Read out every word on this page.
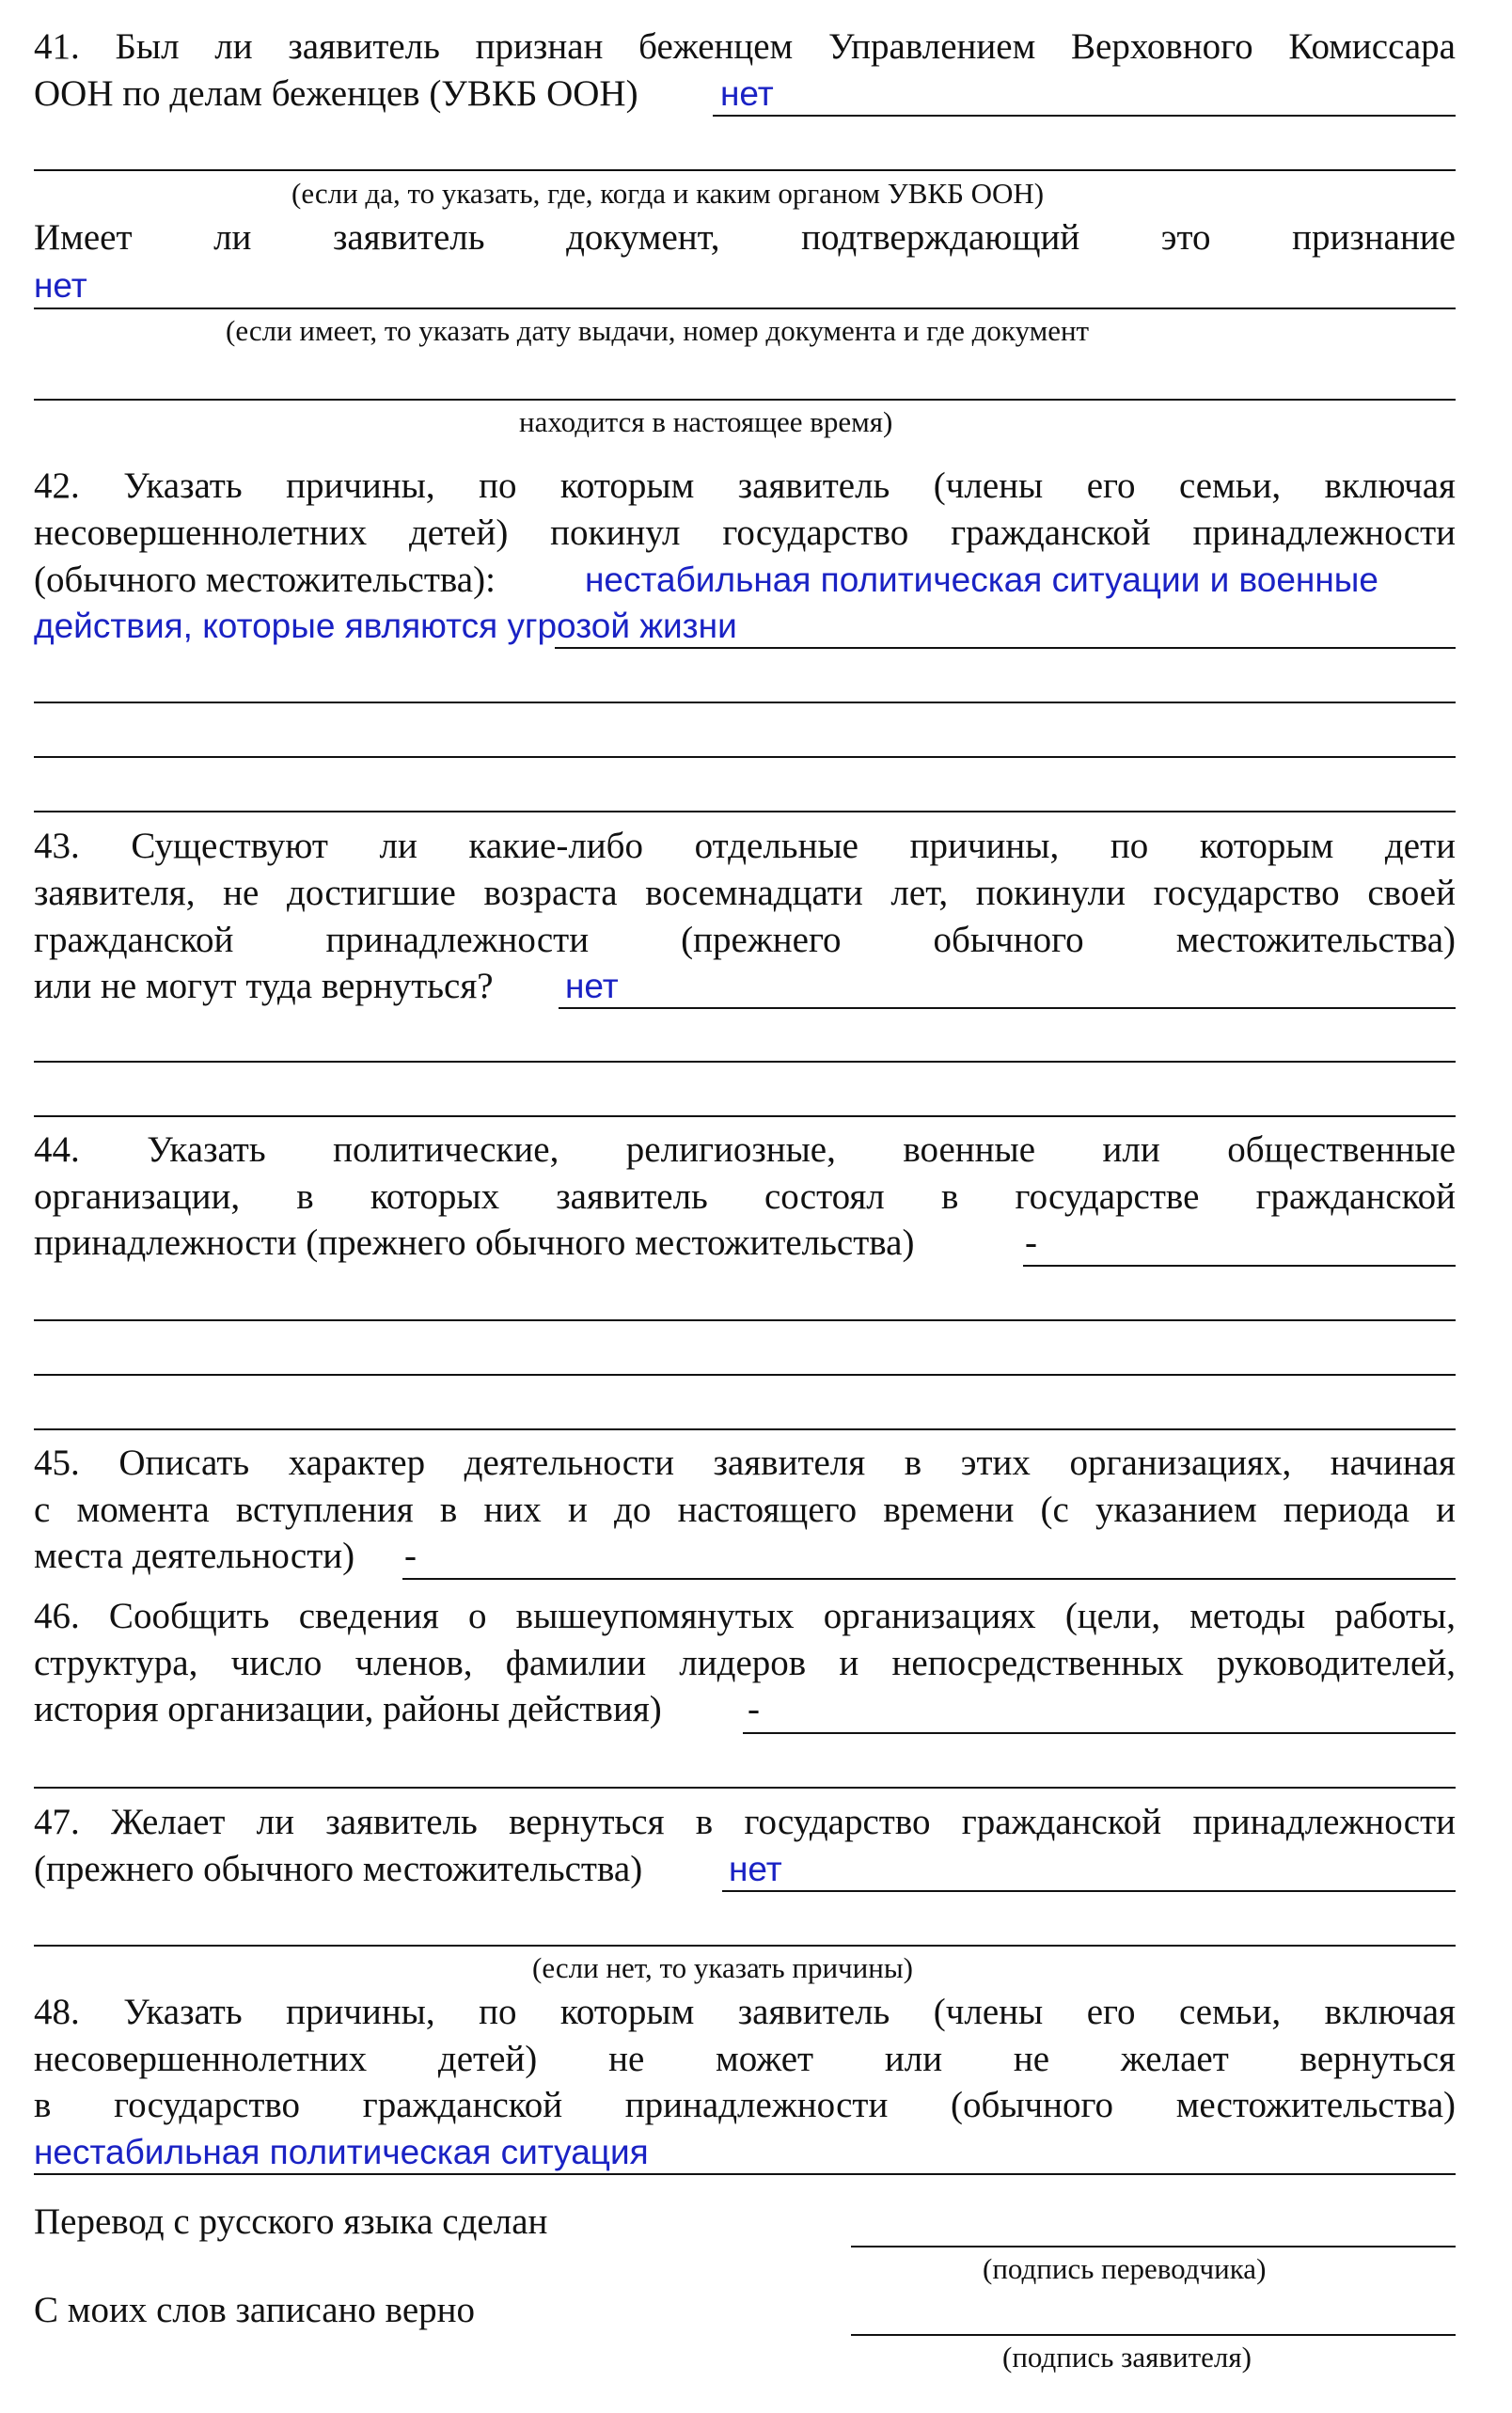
41. Был ли заявитель признан беженцем Управлением Верховного Комиссара
ООН по делам беженцев (УВКБ ООН)	нет
(если да, то указать, где, когда и каким органом УВКБ ООН)
Имеет ли заявитель документ, подтверждающий это признание
нет
(если имеет, то указать дату выдачи, номер документа и где документ
находится в настоящее время)
42. Указать причины, по которым заявитель (члены его семьи, включая
несовершеннолетних детей) покинул государство гражданской принадлежности
(обычного местожительства):	нестабильная политическая ситуации и военные
действия, которые являются угрозой жизни
43. Существуют ли какие-либо отдельные причины, по которым дети
заявителя, не достигшие возраста восемнадцати лет, покинули государство своей
гражданской принадлежности (прежнего обычного местожительства)
или не могут туда вернуться?	нет
44. Указать политические, религиозные, военные или общественные
организации, в которых заявитель состоял в государстве гражданской
принадлежности (прежнего обычного местожительства)	-
45. Описать характер деятельности заявителя в этих организациях, начиная
с момента вступления в них и до настоящего времени (с указанием периода и
места деятельности)	-
46. Сообщить сведения о вышеупомянутых организациях (цели, методы работы,
структура, число членов, фамилии лидеров и непосредственных руководителей,
история организации, районы действия)	-
47. Желает ли заявитель вернуться в государство гражданской принадлежности
(прежнего обычного местожительства)	нет
(если нет, то указать причины)
48. Указать причины, по которым заявитель (члены его семьи, включая
несовершеннолетних детей) не может или не желает вернуться
в государство гражданской принадлежности (обычного местожительства)
нестабильная политическая ситуация
Перевод с русского языка сделан
(подпись переводчика)
С моих слов записано верно
(подпись заявителя)
